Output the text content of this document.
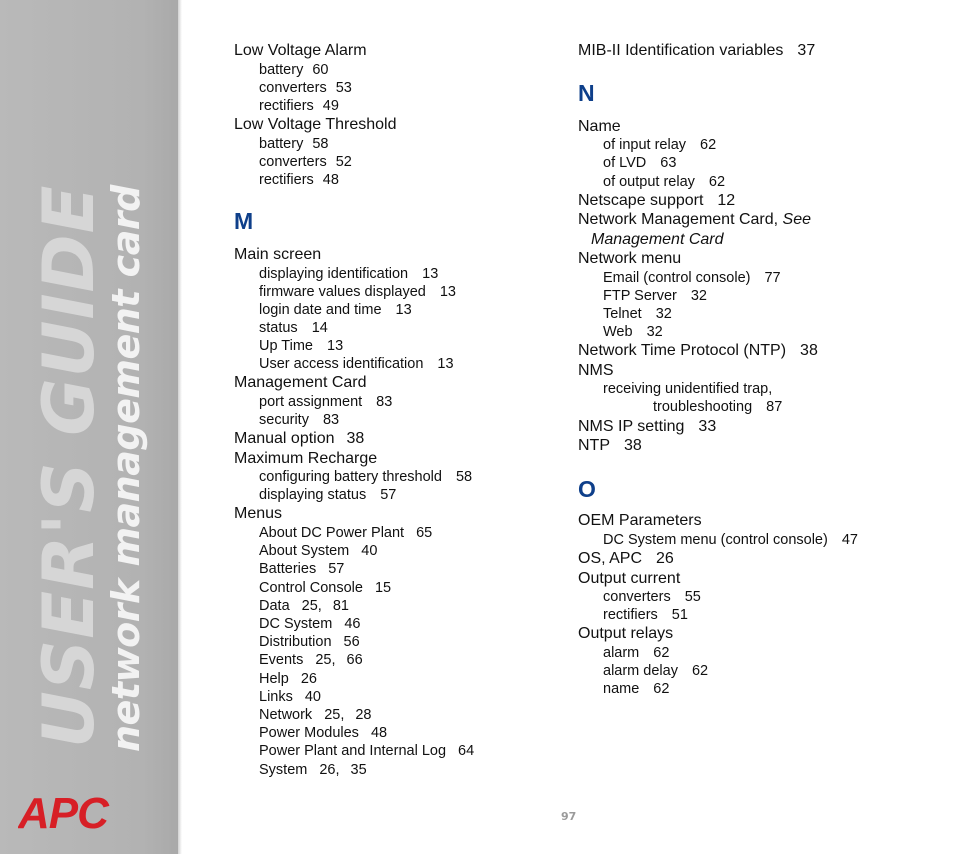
USER'S GUIDE
network management card
APC
Low Voltage Alarm
battery 60
converters 53
rectifiers 49
Low Voltage Threshold
battery 58
converters 52
rectifiers 48
M
Main screen
displaying identification 13
firmware values displayed 13
login date and time 13
status 14
Up Time 13
User access identification 13
Management Card
port assignment 83
security 83
Manual option 38
Maximum Recharge
configuring battery threshold 58
displaying status 57
Menus
About DC Power Plant 65
About System 40
Batteries 57
Control Console 15
Data 25, 81
DC System 46
Distribution 56
Events 25, 66
Help 26
Links 40
Network 25, 28
Power Modules 48
Power Plant and Internal Log 64
System 26, 35
MIB-II Identification variables 37
N
Name
of input relay 62
of LVD 63
of output relay 62
Netscape support 12
Network Management Card, See
Management Card
Network menu
Email (control console) 77
FTP Server 32
Telnet 32
Web 32
Network Time Protocol (NTP) 38
NMS
receiving unidentified trap,
troubleshooting 87
NMS IP setting 33
NTP 38
O
OEM Parameters
DC System menu (control console) 47
OS, APC 26
Output current
converters 55
rectifiers 51
Output relays
alarm 62
alarm delay 62
name 62
97
